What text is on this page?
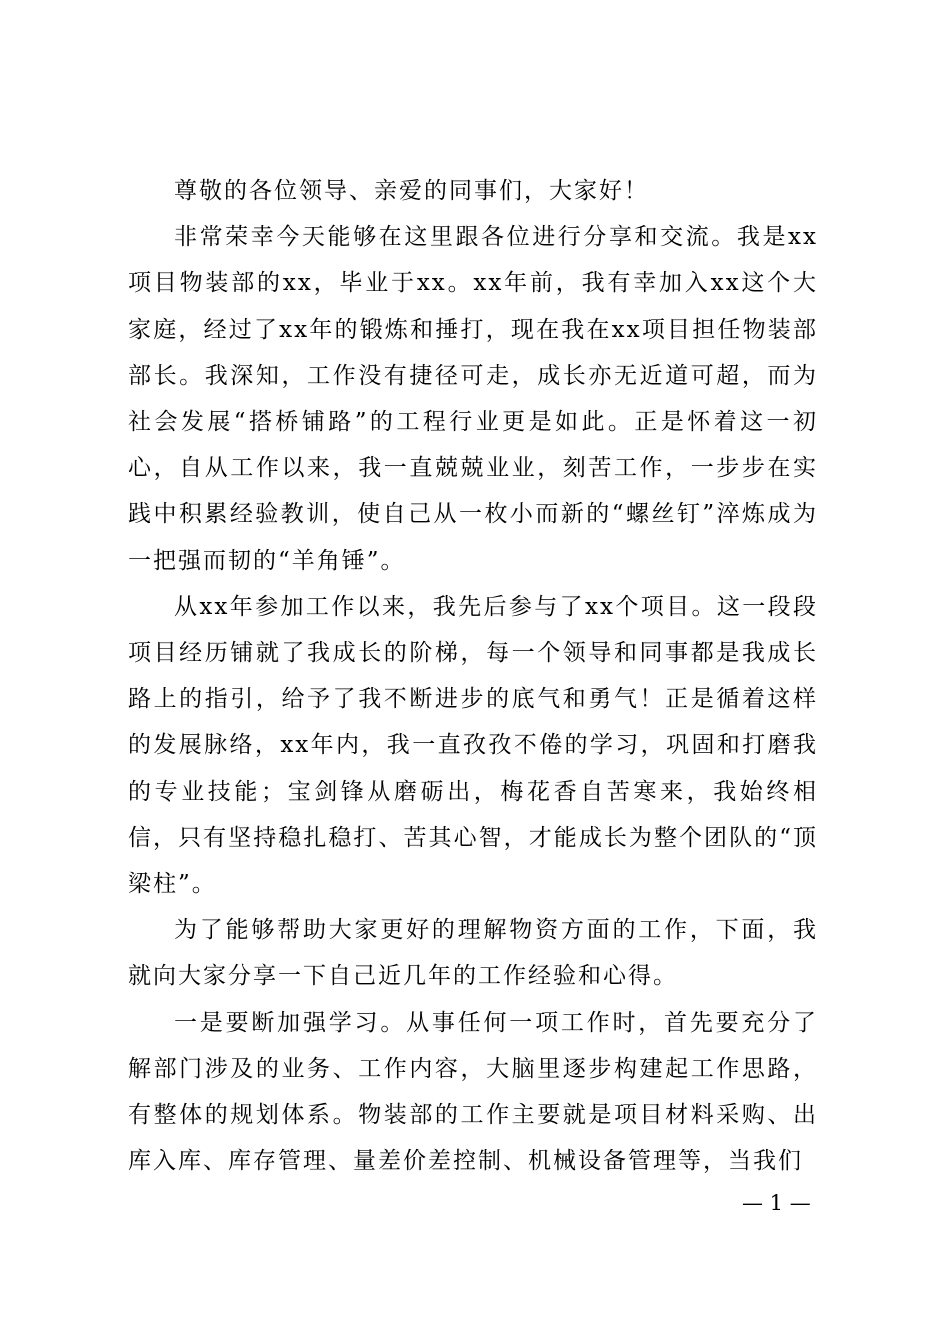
尊敬的各位领导、亲爱的同事们，大家好！

非常荣幸今天能够在这里跟各位进行分享和交流。我是xx项目物装部的xx，毕业于xx。xx年前，我有幸加入xx这个大家庭，经过了xx年的锻炼和捶打，现在我在xx项目担任物装部部长。我深知，工作没有捷径可走，成长亦无近道可超，而为社会发展“搭桥铺路”的工程行业更是如此。正是怀着这一初心，自从工作以来，我一直兢兢业业，刻苦工作，一步步在实践中积累经验教训，使自己从一枚小而新的“螺丝钉”淬炼成为一把强而韧的“羊角锤”。

从xx年参加工作以来，我先后参与了xx个项目。这一段段项目经历铺就了我成长的阶梯，每一个领导和同事都是我成长路上的指引，给予了我不断进步的底气和勇气！正是循着这样的发展脉络，xx年内，我一直孜孜不倦的学习，巩固和打磨我的专业技能；宝剑锋从磨砺出，梅花香自苦寒来，我始终相信，只有坚持稳扎稳打、苦其心智，才能成长为整个团队的“顶梁柱”。

为了能够帮助大家更好的理解物资方面的工作，下面，我就向大家分享一下自己近几年的工作经验和心得。

一是要断加强学习。从事任何一项工作时，首先要充分了解部门涉及的业务、工作内容，大脑里逐步构建起工作思路，有整体的规划体系。物装部的工作主要就是项目材料采购、出库入库、库存管理、量差价差控制、机械设备管理等，当我们

— 1 —
